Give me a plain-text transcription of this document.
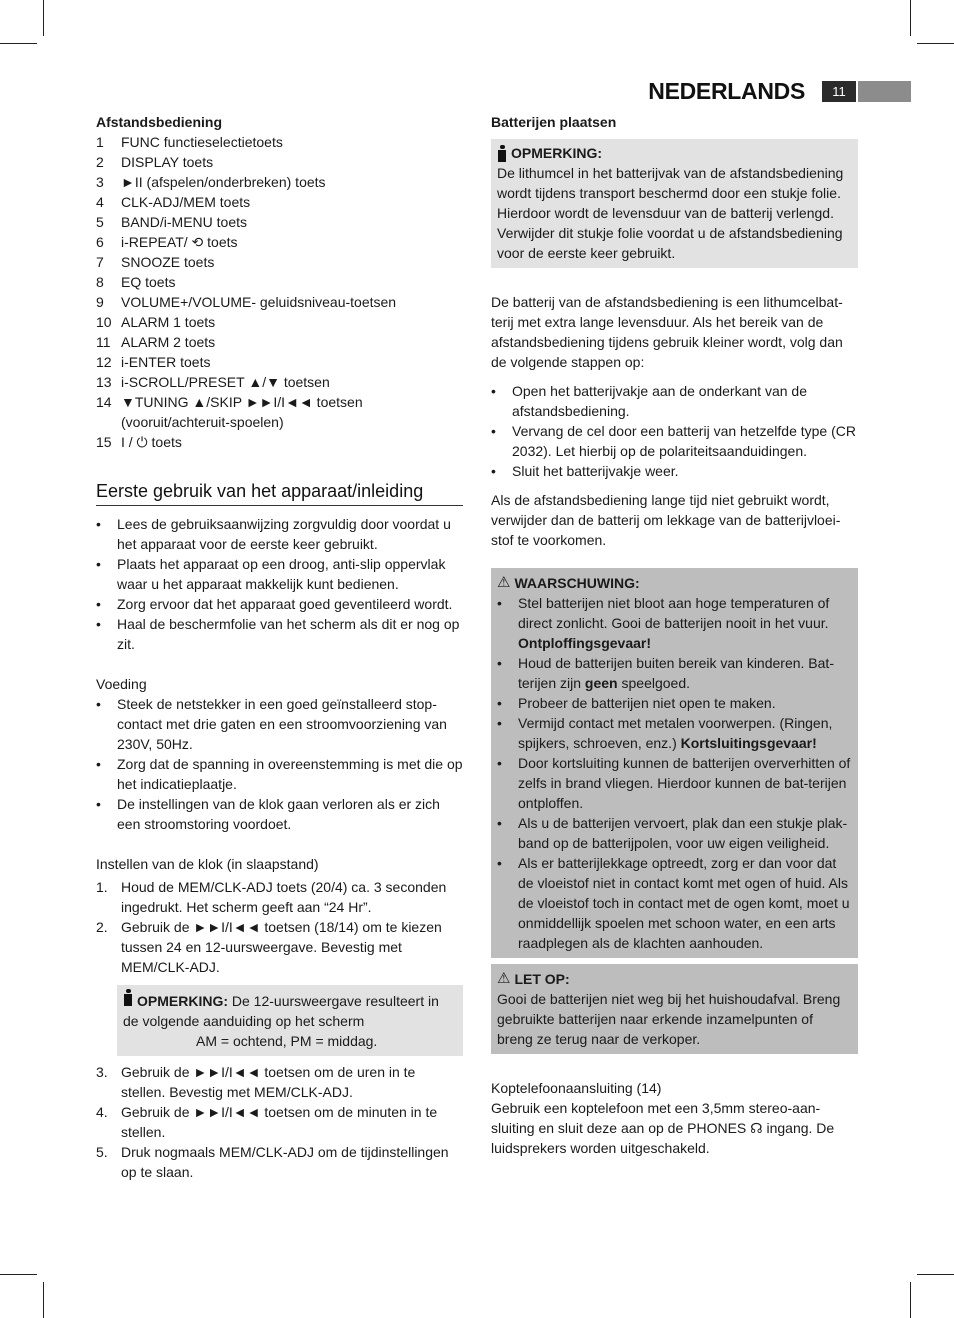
NEDERLANDS	11

Afstandsbediening

1	FUNC functieselectietoets
2	DISPLAY toets
3	►II (afspelen/onderbreken) toets
4	CLK-ADJ/MEM toets
5	BAND/i-MENU toets
6	i-REPEAT/ ⟲ toets
7	SNOOZE toets
8	EQ toets
9	VOLUME+/VOLUME- geluidsniveau-toetsen
10 ALARM 1 toets
11 ALARM 2 toets
12 i-ENTER toets
13 i-SCROLL/PRESET ▲/▼ toetsen
14 ▼TUNING ▲/SKIP ►►I/I◄◄ toetsen (vooruit/achteruit-spoelen)
15 I / ⏻ toets
Eerste gebruik van het apparaat/inleiding
•	Lees de gebruiksaanwijzing zorgvuldig door voordat u het apparaat voor de eerste keer gebruikt.
•	Plaats het apparaat op een droog, anti-slip oppervlak waar u het apparaat makkelijk kunt bedienen.
•	Zorg ervoor dat het apparaat goed geventileerd wordt.
•	Haal de beschermfolie van het scherm als dit er nog op zit.

Voeding

•	Steek de netstekker in een goed geïnstalleerd stop-contact met drie gaten en een stroomvoorziening van 230V, 50Hz.
•	Zorg dat de spanning in overeenstemming is met die op het indicatieplaatje.
•	De instellingen van de klok gaan verloren als er zich een stroomstoring voordoet.

Instellen van de klok (in slaapstand)

1. Houd de MEM/CLK-ADJ toets (20/4) ca. 3 seconden ingedrukt. Het scherm geeft aan “24 Hr”.
2. Gebruik de ►►I/I◄◄ toetsen (18/14) om te kiezen tussen 24 en 12-uursweergave. Bevestig met MEM/CLK-ADJ.
OPMERKING: De 12-uursweergave resulteert in de volgende aanduiding op het scherm
AM = ochtend, PM = middag.
3. Gebruik de ►►I/I◄◄ toetsen om de uren in te stellen. Bevestig met MEM/CLK-ADJ.
4. Gebruik de ►►I/I◄◄ toetsen om de minuten in te stellen.
5. Druk nogmaals MEM/CLK-ADJ om de tijdinstellingen op te slaan.

Batterijen plaatsen

OPMERKING:
De lithumcel in het batterijvak van de afstandsbediening wordt tijdens transport beschermd door een stukje folie. Hierdoor wordt de levensduur van de batterij verlengd. Verwijder dit stukje folie voordat u de afstandsbediening voor de eerste keer gebruikt.

De batterij van de afstandsbediening is een lithumcelbat-terij met extra lange levensduur. Als het bereik van de afstandsbediening tijdens gebruik kleiner wordt, volg dan de volgende stappen op:

•	Open het batterijvakje aan de onderkant van de afstandsbediening.
•	Vervang de cel door een batterij van hetzelfde type (CR 2032). Let hierbij op de polariteitsaanduidingen.
•	Sluit het batterijvakje weer.

Als de afstandsbediening lange tijd niet gebruikt wordt, verwijder dan de batterij om lekkage van de batterijvloei-stof te voorkomen.

⚠ WAARSCHUWING:
•	Stel batterijen niet bloot aan hoge temperaturen of direct zonlicht. Gooi de batterijen nooit in het vuur. Ontploffingsgevaar!
•	Houd de batterijen buiten bereik van kinderen. Bat-terijen zijn geen speelgoed.
•	Probeer de batterijen niet open te maken.
•	Vermijd contact met metalen voorwerpen. (Ringen, spijkers, schroeven, enz.) Kortsluitingsgevaar!
•	Door kortsluiting kunnen de batterijen oververhitten of zelfs in brand vliegen. Hierdoor kunnen de bat-terijen ontploffen.
•	Als u de batterijen vervoert, plak dan een stukje plak-band op de batterijpolen, voor uw eigen veiligheid.
•	Als er batterijlekkage optreedt, zorg er dan voor dat de vloeistof niet in contact komt met ogen of huid. Als de vloeistof toch in contact met de ogen komt, moet u onmiddellijk spoelen met schoon water, en een arts raadplegen als de klachten aanhouden.
⚠ LET OP:
Gooi de batterijen niet weg bij het huishoudafval. Breng gebruikte batterijen naar erkende inzamelpunten of breng ze terug naar de verkoper.

Koptelefoonaansluiting (14)

Gebruik een koptelefoon met een 3,5mm stereo-aan-sluiting en sluit deze aan op de PHONES ☊ ingang. De luidsprekers worden uitgeschakeld.
